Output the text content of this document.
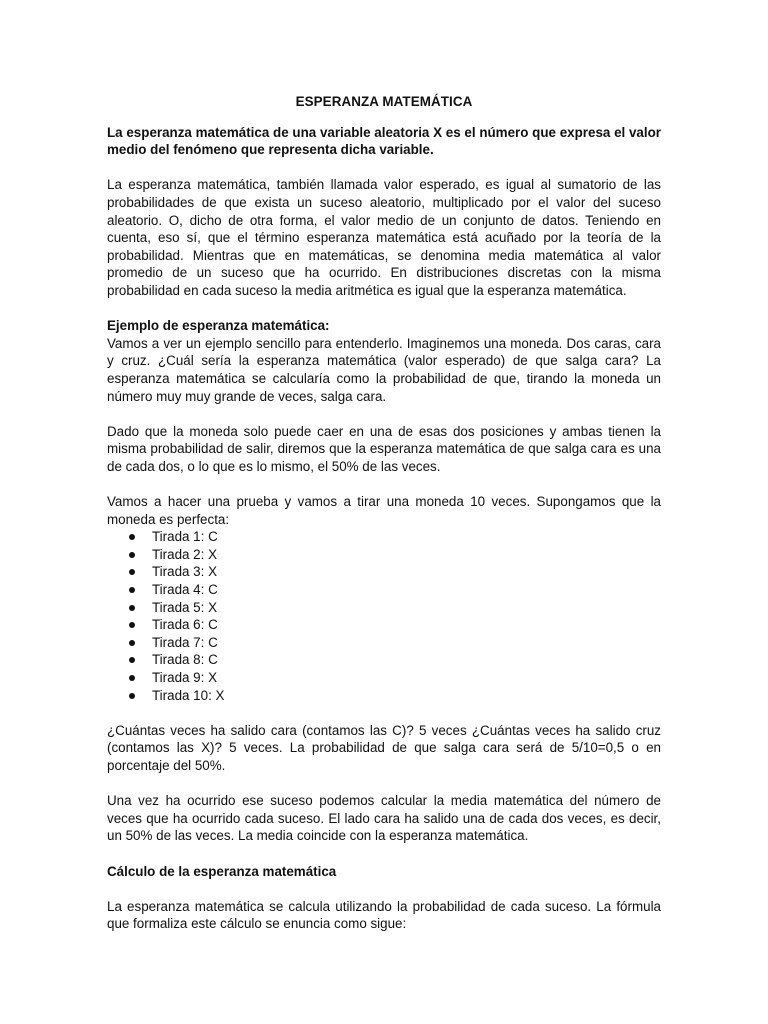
ESPERANZA MATEMÁTICA

La esperanza matemática de una variable aleatoria X es el número que expresa el valor medio del fenómeno que representa dicha variable.

La esperanza matemática, también llamada valor esperado, es igual al sumatorio de las probabilidades de que exista un suceso aleatorio, multiplicado por el valor del suceso aleatorio. O, dicho de otra forma, el valor medio de un conjunto de datos. Teniendo en cuenta, eso sí, que el término esperanza matemática está acuñado por la teoría de la probabilidad. Mientras que en matemáticas, se denomina media matemática al valor promedio de un suceso que ha ocurrido. En distribuciones discretas con la misma probabilidad en cada suceso la media aritmética es igual que la esperanza matemática.

Ejemplo de esperanza matemática:

Vamos a ver un ejemplo sencillo para entenderlo. Imaginemos una moneda. Dos caras, cara y cruz. ¿Cuál sería la esperanza matemática (valor esperado) de que salga cara? La esperanza matemática se calcularía como la probabilidad de que, tirando la moneda un número muy muy grande de veces, salga cara.

Dado que la moneda solo puede caer en una de esas dos posiciones y ambas tienen la misma probabilidad de salir, diremos que la esperanza matemática de que salga cara es una de cada dos, o lo que es lo mismo, el 50% de las veces.

Vamos a hacer una prueba y vamos a tirar una moneda 10 veces. Supongamos que la moneda es perfecta:

Tirada 1: C
Tirada 2: X
Tirada 3: X
Tirada 4: C
Tirada 5: X
Tirada 6: C
Tirada 7: C
Tirada 8: C
Tirada 9: X
Tirada 10: X

¿Cuántas veces ha salido cara (contamos las C)? 5 veces ¿Cuántas veces ha salido cruz (contamos las X)? 5 veces. La probabilidad de que salga cara será de 5/10=0,5 o en porcentaje del 50%.

Una vez ha ocurrido ese suceso podemos calcular la media matemática del número de veces que ha ocurrido cada suceso. El lado cara ha salido una de cada dos veces, es decir, un 50% de las veces. La media coincide con la esperanza matemática.

Cálculo de la esperanza matemática

La esperanza matemática se calcula utilizando la probabilidad de cada suceso. La fórmula que formaliza este cálculo se enuncia como sigue:
